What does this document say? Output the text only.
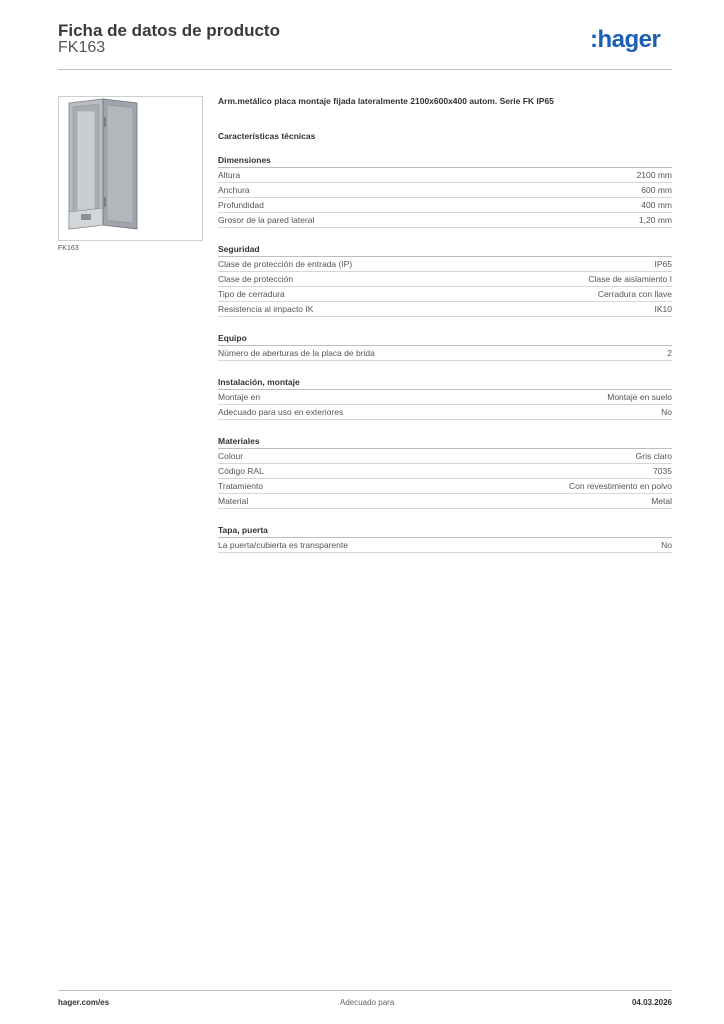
Ficha de datos de producto
FK163	:hager
FK163
Arm.metálico placa montaje fijada lateralmente 2100x600x400 autom. Serie FK IP65
Características técnicas
Dimensiones
Altura	2100 mm
Anchura	600 mm
Profundidad	400 mm
Grosor de la pared lateral	1,20 mm
Seguridad
Clase de protección de entrada (IP)	IP65
Clase de protección	Clase de aislamiento I
Tipo de cerradura	Cerradura con llave
Resistencia al impacto IK	IK10
Equipo
Número de aberturas de la placa de brida	2
Instalación, montaje
Montaje en	Montaje en suelo
Adecuado para uso en exteriores	No
Materiales
Colour	Gris claro
Código RAL	7035
Tratamiento	Con revestimiento en polvo
Material	Metal
Tapa, puerta
La puerta/cubierta es transparente	No
hager.com/es	Adecuado para	04.03.2026
